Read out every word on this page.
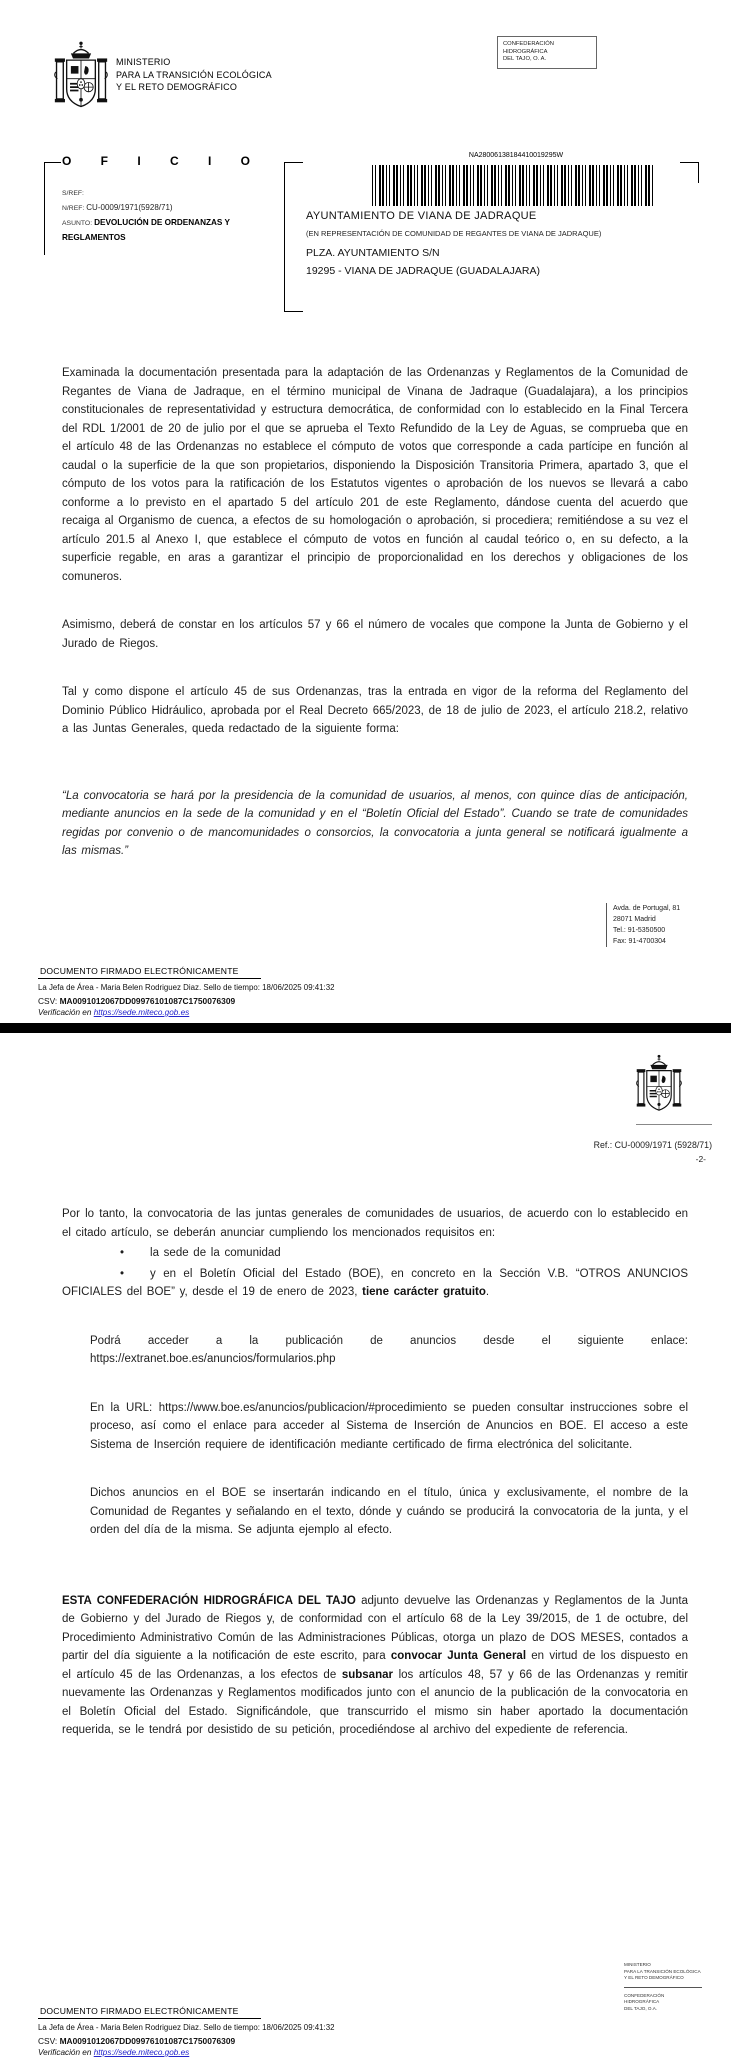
MINISTERIO
PARA LA TRANSICIÓN ECOLÓGICA
Y EL RETO DEMOGRÁFICO
CONFEDERACIÓN
HIDROGRÁFICA
DEL TAJO, O. A.
O F I C I O
S/REF:
N/REF: CU-0009/1971(5928/71)
ASUNTO: DEVOLUCIÓN DE ORDENANZAS Y REGLAMENTOS
NA28006138184410019295W
AYUNTAMIENTO DE VIANA DE JADRAQUE
(EN REPRESENTACIÓN DE COMUNIDAD DE REGANTES DE VIANA DE JADRAQUE)
PLZA. AYUNTAMIENTO S/N
19295 - VIANA DE JADRAQUE (GUADALAJARA)

Examinada la documentación presentada para la adaptación de las Ordenanzas y Reglamentos de la Comunidad de Regantes de Viana de Jadraque, en el término municipal de Vinana de Jadraque (Guadalajara), a los principios constitucionales de representatividad y estructura democrática, de conformidad con lo establecido en la Final Tercera del RDL 1/2001 de 20 de julio por el que se aprueba el Texto Refundido de la Ley de Aguas, se comprueba que en el artículo 48 de las Ordenanzas no establece el cómputo de votos que corresponde a cada partícipe en función al caudal o la superficie de la que son propietarios, disponiendo la Disposición Transitoria Primera, apartado 3, que el cómputo de los votos para la ratificación de los Estatutos vigentes o aprobación de los nuevos se llevará a cabo conforme a lo previsto en el apartado 5 del artículo 201 de este Reglamento, dándose cuenta del acuerdo que recaiga al Organismo de cuenca, a efectos de su homologación o aprobación, si procediera; remitiéndose a su vez el artículo 201.5 al Anexo I, que establece el cómputo de votos en función al caudal teórico o, en su defecto, a la superficie regable, en aras a garantizar el principio de proporcionalidad en los derechos y obligaciones de los comuneros.

Asimismo, deberá de constar en los artículos 57 y 66 el número de vocales que compone la Junta de Gobierno y el Jurado de Riegos.

Tal y como dispone el artículo 45 de sus Ordenanzas, tras la entrada en vigor de la reforma del Reglamento del Dominio Público Hidráulico, aprobada por el Real Decreto 665/2023, de 18 de julio de 2023, el artículo 218.2, relativo a las Juntas Generales, queda redactado de la siguiente forma:

“La convocatoria se hará por la presidencia de la comunidad de usuarios, al menos, con quince días de anticipación, mediante anuncios en la sede de la comunidad y en el “Boletín Oficial del Estado”. Cuando se trate de comunidades regidas por convenio o de mancomunidades o consorcios, la convocatoria a junta general se notificará igualmente a las mismas.”

Avda. de Portugal, 81
28071 Madrid
Tel.: 91-5350500
Fax: 91-4700304
DOCUMENTO FIRMADO ELECTRÓNICAMENTE
La Jefa de Área - Maria Belen Rodriguez Diaz. Sello de tiempo: 18/06/2025 09:41:32
CSV: MA0091012067DD09976101087C1750076309
Verificación en https://sede.miteco.gob.es
Ref.: CU-0009/1971 (5928/71)
-2-

Por lo tanto, la convocatoria de las juntas generales de comunidades de usuarios, de acuerdo con lo establecido en el citado artículo, se deberán anunciar cumpliendo los mencionados requisitos en:

• la sede de la comunidad

• y en el Boletín Oficial del Estado (BOE), en concreto en la Sección V.B. “OTROS ANUNCIOS OFICIALES del BOE” y, desde el 19 de enero de 2023, tiene carácter gratuito.

Podrá acceder a la publicación de anuncios desde el siguiente enlace: https://extranet.boe.es/anuncios/formularios.php

En la URL: https://www.boe.es/anuncios/publicacion/#procedimiento se pueden consultar instrucciones sobre el proceso, así como el enlace para acceder al Sistema de Inserción de Anuncios en BOE. El acceso a este Sistema de Inserción requiere de identificación mediante certificado de firma electrónica del solicitante.

Dichos anuncios en el BOE se insertarán indicando en el título, única y exclusivamente, el nombre de la Comunidad de Regantes y señalando en el texto, dónde y cuándo se producirá la convocatoria de la junta, y el orden del día de la misma. Se adjunta ejemplo al efecto.

ESTA CONFEDERACIÓN HIDROGRÁFICA DEL TAJO adjunto devuelve las Ordenanzas y Reglamentos de la Junta de Gobierno y del Jurado de Riegos y, de conformidad con el artículo 68 de la Ley 39/2015, de 1 de octubre, del Procedimiento Administrativo Común de las Administraciones Públicas, otorga un plazo de DOS MESES, contados a partir del día siguiente a la notificación de este escrito, para convocar Junta General en virtud de los dispuesto en el artículo 45 de las Ordenanzas, a los efectos de subsanar los artículos 48, 57 y 66 de las Ordenanzas y remitir nuevamente las Ordenanzas y Reglamentos modificados junto con el anuncio de la publicación de la convocatoria en el Boletín Oficial del Estado. Significándole, que transcurrido el mismo sin haber aportado la documentación requerida, se le tendrá por desistido de su petición, procediéndose al archivo del expediente de referencia.

MINISTERIO
PARA LA TRANSICIÓN ECOLÓGICA
Y EL RETO DEMOGRÁFICO
CONFEDERACIÓN
HIDROGRÁFICA
DEL TAJO, O.A.
DOCUMENTO FIRMADO ELECTRÓNICAMENTE
La Jefa de Área - Maria Belen Rodriguez Diaz. Sello de tiempo: 18/06/2025 09:41:32
CSV: MA0091012067DD09976101087C1750076309
Verificación en https://sede.miteco.gob.es
